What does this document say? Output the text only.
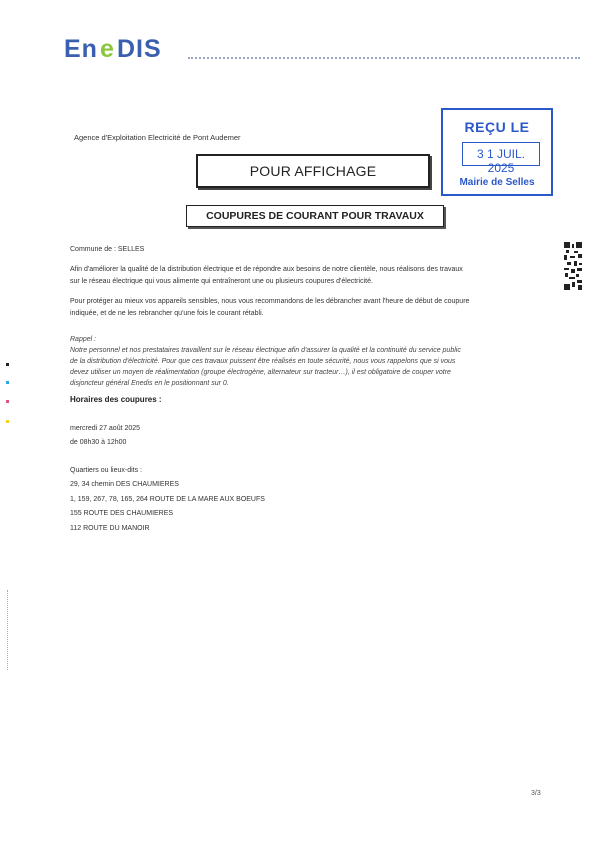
En e DIS
Agence d'Exploitation Electricité de Pont Audemer
REÇU LE
3 1 JUIL. 2025
Mairie de Selles
POUR AFFICHAGE
COUPURES DE COURANT POUR TRAVAUX
Commune de : SELLES
Afin d'améliorer la qualité de la distribution électrique et de répondre aux besoins de notre clientèle, nous réalisons des travaux
sur le réseau électrique qui vous alimente qui entraîneront une ou plusieurs coupures d'électricité.
Pour protéger au mieux vos appareils sensibles, nous vous recommandons de les débrancher avant l'heure de début de coupure
indiquée, et de ne les rebrancher qu'une fois le courant rétabli.
Rappel :
Notre personnel et nos prestataires travaillent sur le réseau électrique afin d'assurer la qualité et la continuité du service public
de la distribution d'électricité. Pour que ces travaux puissent être réalisés en toute sécurité, nous vous rappelons que si vous
devez utiliser un moyen de réalimentation (groupe électrogène, alternateur sur tracteur…), il est obligatoire de couper votre
disjoncteur général Enedis en le positionnant sur 0.
Horaires des coupures :
mercredi 27 août 2025
de 08h30 à 12h00
Quartiers ou lieux-dits :
29, 34 chemin DES CHAUMIERES
1, 159, 267, 78, 165, 264 ROUTE DE LA MARE AUX BOEUFS
155 ROUTE DES CHAUMIERES
112 ROUTE DU MANOIR
3/3
